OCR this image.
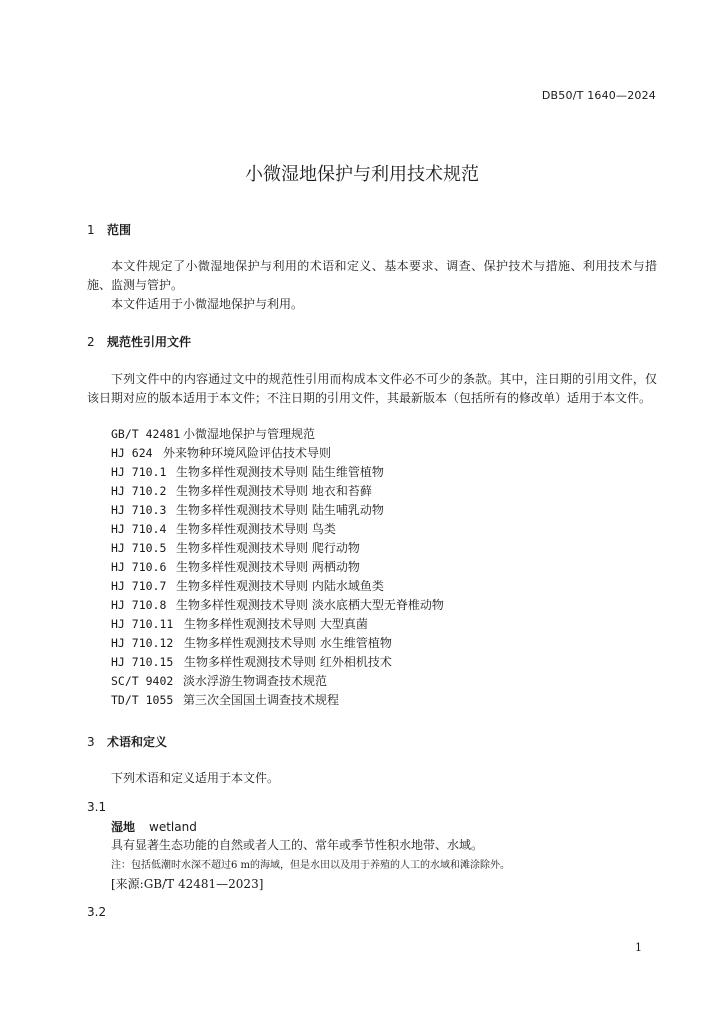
DB50/T 1640—2024
小微湿地保护与利用技术规范
1 范围
本文件规定了小微湿地保护与利用的术语和定义、基本要求、调查、保护技术与措施、利用技术与措施、监测与管护。
本文件适用于小微湿地保护与利用。
2 规范性引用文件
下列文件中的内容通过文中的规范性引用而构成本文件必不可少的条款。其中，注日期的引用文件，仅该日期对应的版本适用于本文件；不注日期的引用文件，其最新版本（包括所有的修改单）适用于本文件。
GB/T 42481 小微湿地保护与管理规范
HJ 624 外来物种环境风险评估技术导则
HJ 710.1 生物多样性观测技术导则 陆生维管植物
HJ 710.2 生物多样性观测技术导则 地衣和苔藓
HJ 710.3 生物多样性观测技术导则 陆生哺乳动物
HJ 710.4 生物多样性观测技术导则 鸟类
HJ 710.5 生物多样性观测技术导则 爬行动物
HJ 710.6 生物多样性观测技术导则 两栖动物
HJ 710.7 生物多样性观测技术导则 内陆水域鱼类
HJ 710.8 生物多样性观测技术导则 淡水底栖大型无脊椎动物
HJ 710.11 生物多样性观测技术导则 大型真菌
HJ 710.12 生物多样性观测技术导则 水生维管植物
HJ 710.15 生物多样性观测技术导则 红外相机技术
SC/T 9402 淡水浮游生物调查技术规范
TD/T 1055 第三次全国国土调查技术规程
3 术语和定义
下列术语和定义适用于本文件。
3.1
湿地 wetland
具有显著生态功能的自然或者人工的、常年或季节性积水地带、水域。
注：包括低潮时水深不超过6 m的海域，但是水田以及用于养殖的人工的水域和滩涂除外。
[来源:GB/T 42481—2023]
3.2
1
